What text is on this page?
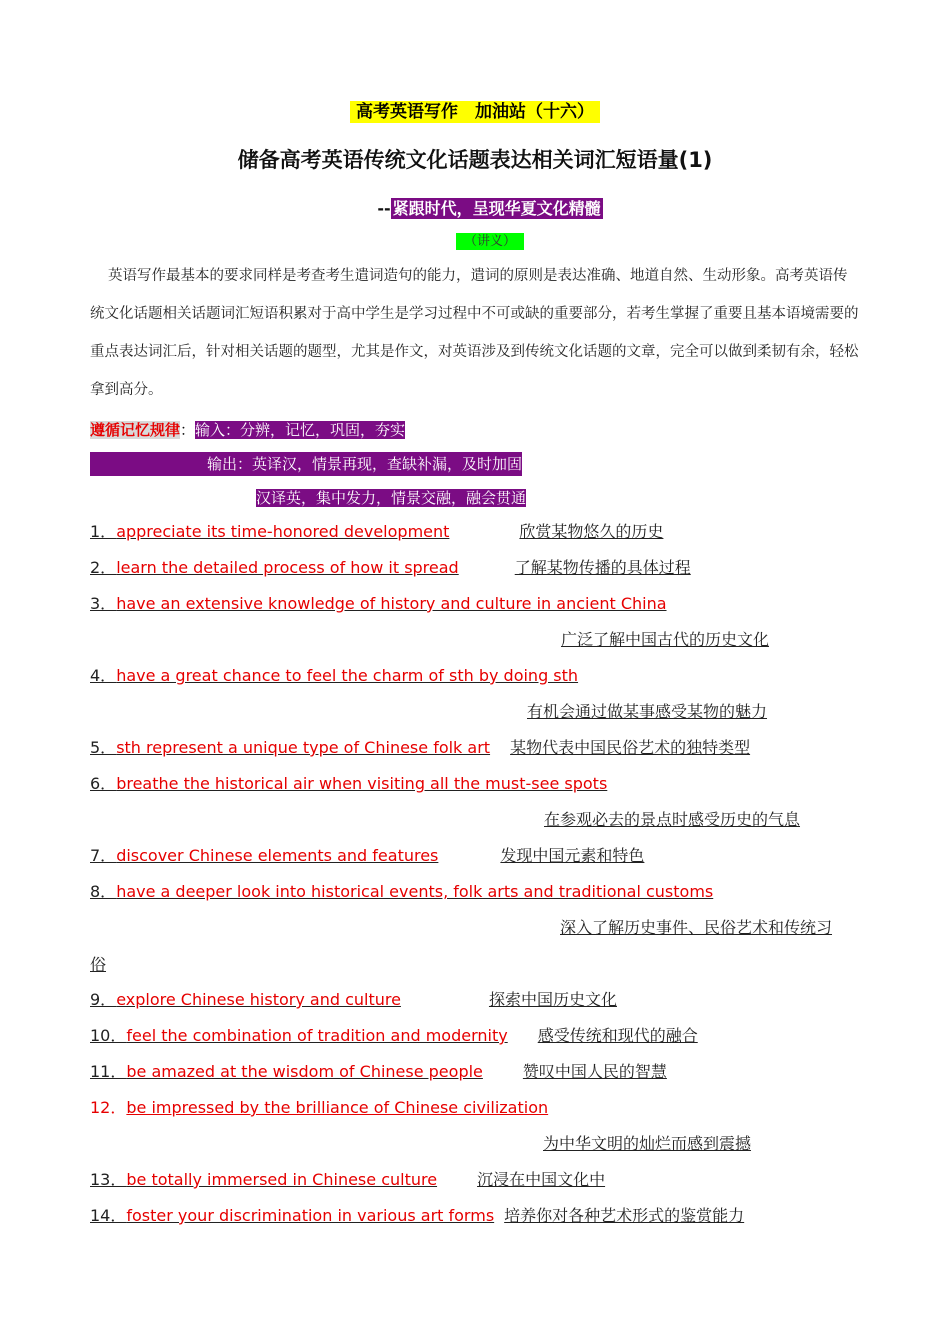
高考英语写作　加油站（十六）
储备高考英语传统文化话题表达相关词汇短语量(1)
-- 紧跟时代，呈现华夏文化精髓
（讲义）

英语写作最基本的要求同样是考查考生遣词造句的能力，遣词的原则是表达准确、地道自然、生动形象。高考英语传统文化话题相关话题词汇短语积累对于高中学生是学习过程中不可或缺的重要部分，若考生掌握了重要且基本语境需要的重点表达词汇后，针对相关话题的题型，尤其是作文，对英语涉及到传统文化话题的文章，完全可以做到柔韧有余，轻松拿到高分。

遵循记忆规律：输入：分辨，记忆，巩固，夯实
输出：英译汉，情景再现，查缺补漏，及时加固
汉译英，集中发力，情景交融，融会贯通
1．appreciate its time-honored development	欣赏某物悠久的历史
2．learn the detailed process of how it spread	了解某物传播的具体过程
3．have an extensive knowledge of history and culture in ancient China
广泛了解中国古代的历史文化
4．have a great chance to feel the charm of sth by doing sth
有机会通过做某事感受某物的魅力
5．sth represent a unique type of Chinese folk art 某物代表中国民俗艺术的独特类型
6．breathe the historical air when visiting all the must-see spots
在参观必去的景点时感受历史的气息
7．discover Chinese elements and features	发现中国元素和特色
8．have a deeper look into historical events, folk arts and traditional customs
深入了解历史事件、民俗艺术和传统习
俗
9．explore Chinese history and culture	探索中国历史文化
10．feel the combination of tradition and modernity 感受传统和现代的融合
11．be amazed at the wisdom of Chinese people	赞叹中国人民的智慧
12．be impressed by the brilliance of Chinese civilization
为中华文明的灿烂而感到震撼
13．be totally immersed in Chinese culture	沉浸在中国文化中
14．foster your discrimination in various art forms 培养你对各种艺术形式的鉴赏能力
